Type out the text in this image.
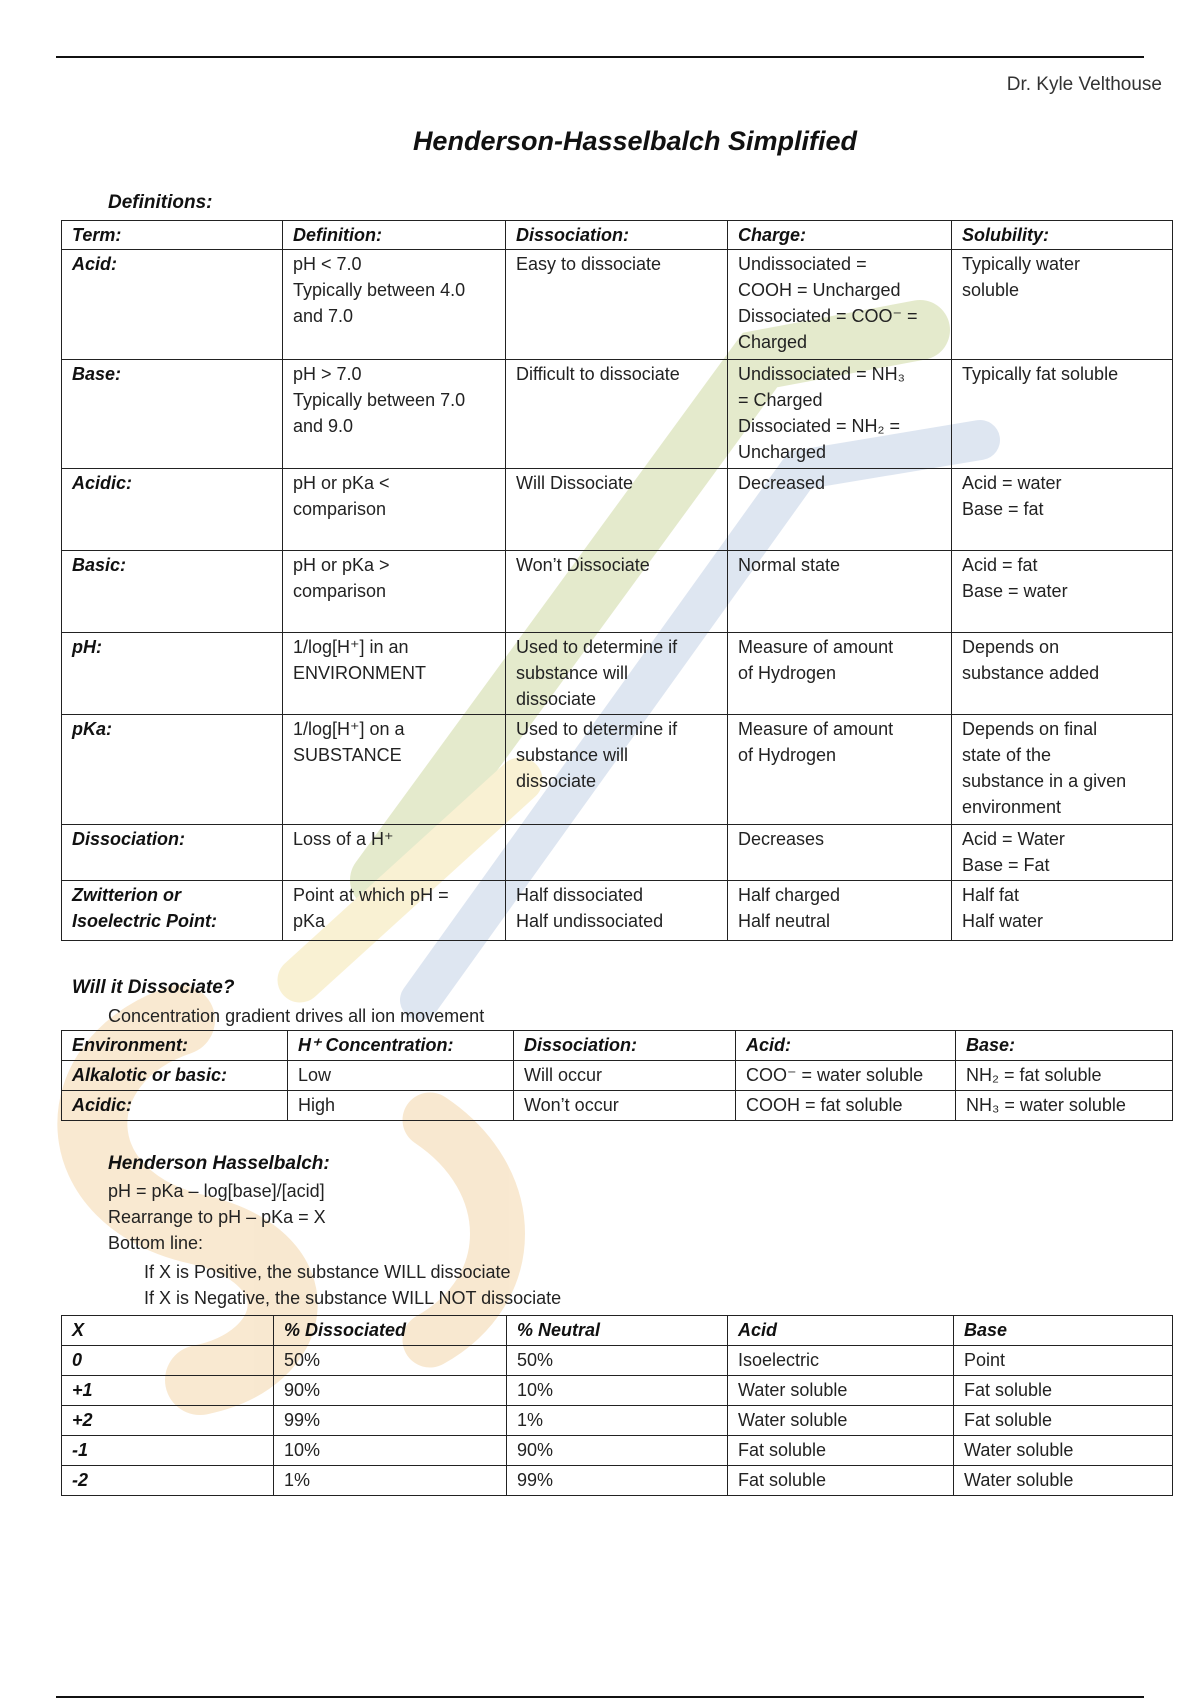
Dr. Kyle Velthouse
Henderson-Hasselbalch Simplified
Definitions:
Term:	Definition:	Dissociation:	Charge:	Solubility:
Acid:	pH < 7.0
Typically between 4.0
and 7.0	Easy to dissociate	Undissociated =
COOH = Uncharged
Dissociated = COO⁻ =
Charged	Typically water
soluble

Base:	pH > 7.0
Typically between 7.0
and 9.0	Difficult to dissociate	Undissociated = NH₃
= Charged
Dissociated = NH₂ =
Uncharged	Typically fat soluble

Acidic:	pH or pKa <
comparison	Will Dissociate	Decreased	Acid = water
Base = fat

Basic:	pH or pKa >
comparison	Won’t Dissociate	Normal state	Acid = fat
Base = water

pH:	1/log[H⁺] in an
ENVIRONMENT	Used to determine if
substance will
dissociate	Measure of amount
of Hydrogen	Depends on
substance added

pKa:	1/log[H⁺] on a
SUBSTANCE	Used to determine if
substance will
dissociate	Measure of amount
of Hydrogen	Depends on final
state of the
substance in a given
environment

Dissociation:	Loss of a H⁺		Decreases	Acid = Water
Base = Fat

Zwitterion or Isoelectric Point:	Point at which pH =
pKa	Half dissociated
Half undissociated	Half charged
Half neutral	Half fat
Half water
Will it Dissociate?
Concentration gradient drives all ion movement
Environment:	H⁺ Concentration:	Dissociation:	Acid:	Base:
Alkalotic or basic:	Low	Will occur	COO⁻ = water soluble	NH₂ = fat soluble
Acidic:	High	Won’t occur	COOH = fat soluble	NH₃ = water soluble
Henderson Hasselbalch:
pH = pKa – log[base]/[acid]
Rearrange to pH – pKa = X
Bottom line:
If X is Positive, the substance WILL dissociate
If X is Negative, the substance WILL NOT dissociate
X	% Dissociated	% Neutral	Acid	Base
0	50%	50%	Isoelectric	Point
+1	90%	10%	Water soluble	Fat soluble
+2	99%	1%	Water soluble	Fat soluble
-1	10%	90%	Fat soluble	Water soluble
-2	1%	99%	Fat soluble	Water soluble
